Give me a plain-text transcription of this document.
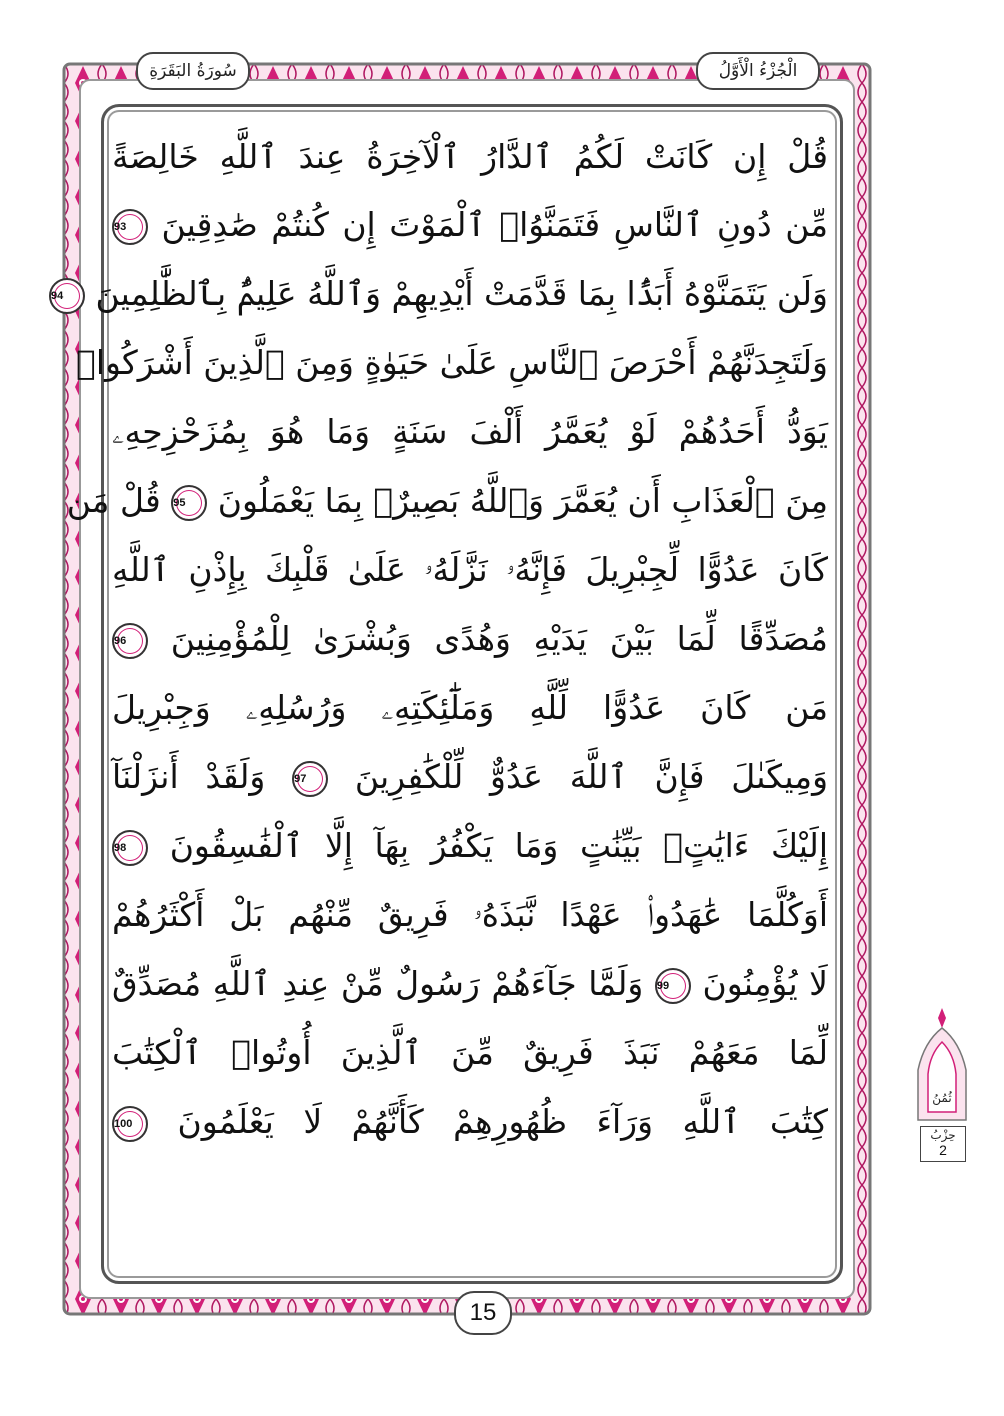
الْجُزْءُ الْأَوَّلُ
سُورَةُ البَقَرَةِ
قُلْ إِن كَانَتْ لَكُمُ ٱلدَّارُ ٱلْآخِرَةُ عِندَ ٱللَّهِ خَالِصَةً
مِّن دُونِ ٱلنَّاسِ فَتَمَنَّوُا۟ ٱلْمَوْتَ إِن كُنتُمْ صَٰدِقِينَ 93
وَلَن يَتَمَنَّوْهُ أَبَدًۢا بِمَا قَدَّمَتْ أَيْدِيهِمْ وَٱللَّهُ عَلِيمٌۢ بِٱلظَّٰلِمِينَ 94
وَلَتَجِدَنَّهُمْ أَحْرَصَ ٱلنَّاسِ عَلَىٰ حَيَوٰةٍ وَمِنَ ٱلَّذِينَ أَشْرَكُوا۟
يَوَدُّ أَحَدُهُمْ لَوْ يُعَمَّرُ أَلْفَ سَنَةٍ وَمَا هُوَ بِمُزَحْزِحِهِۦ
مِنَ ٱلْعَذَابِ أَن يُعَمَّرَ وَٱللَّهُ بَصِيرٌۢ بِمَا يَعْمَلُونَ 95 قُلْ مَن
كَانَ عَدُوًّا لِّجِبْرِيلَ فَإِنَّهُۥ نَزَّلَهُۥ عَلَىٰ قَلْبِكَ بِإِذْنِ ٱللَّهِ
مُصَدِّقًا لِّمَا بَيْنَ يَدَيْهِ وَهُدًى وَبُشْرَىٰ لِلْمُؤْمِنِينَ 96
مَن كَانَ عَدُوًّا لِّلَّهِ وَمَلَٰٓئِكَتِهِۦ وَرُسُلِهِۦ وَجِبْرِيلَ
وَمِيكَىٰلَ فَإِنَّ ٱللَّهَ عَدُوٌّ لِّلْكَٰفِرِينَ 97 وَلَقَدْ أَنزَلْنَآ
إِلَيْكَ ءَايَٰتٍۭ بَيِّنَٰتٍ وَمَا يَكْفُرُ بِهَآ إِلَّا ٱلْفَٰسِقُونَ 98
أَوَكُلَّمَا عَٰهَدُوا۟ عَهْدًا نَّبَذَهُۥ فَرِيقٌ مِّنْهُم بَلْ أَكْثَرُهُمْ
لَا يُؤْمِنُونَ 99 وَلَمَّا جَآءَهُمْ رَسُولٌ مِّنْ عِندِ ٱللَّهِ مُصَدِّقٌ
لِّمَا مَعَهُمْ نَبَذَ فَرِيقٌ مِّنَ ٱلَّذِينَ أُوتُوا۟ ٱلْكِتَٰبَ
كِتَٰبَ ٱللَّهِ وَرَآءَ ظُهُورِهِمْ كَأَنَّهُمْ لَا يَعْلَمُونَ 100
15
ثُمُنُ
حِزْبُ
2
